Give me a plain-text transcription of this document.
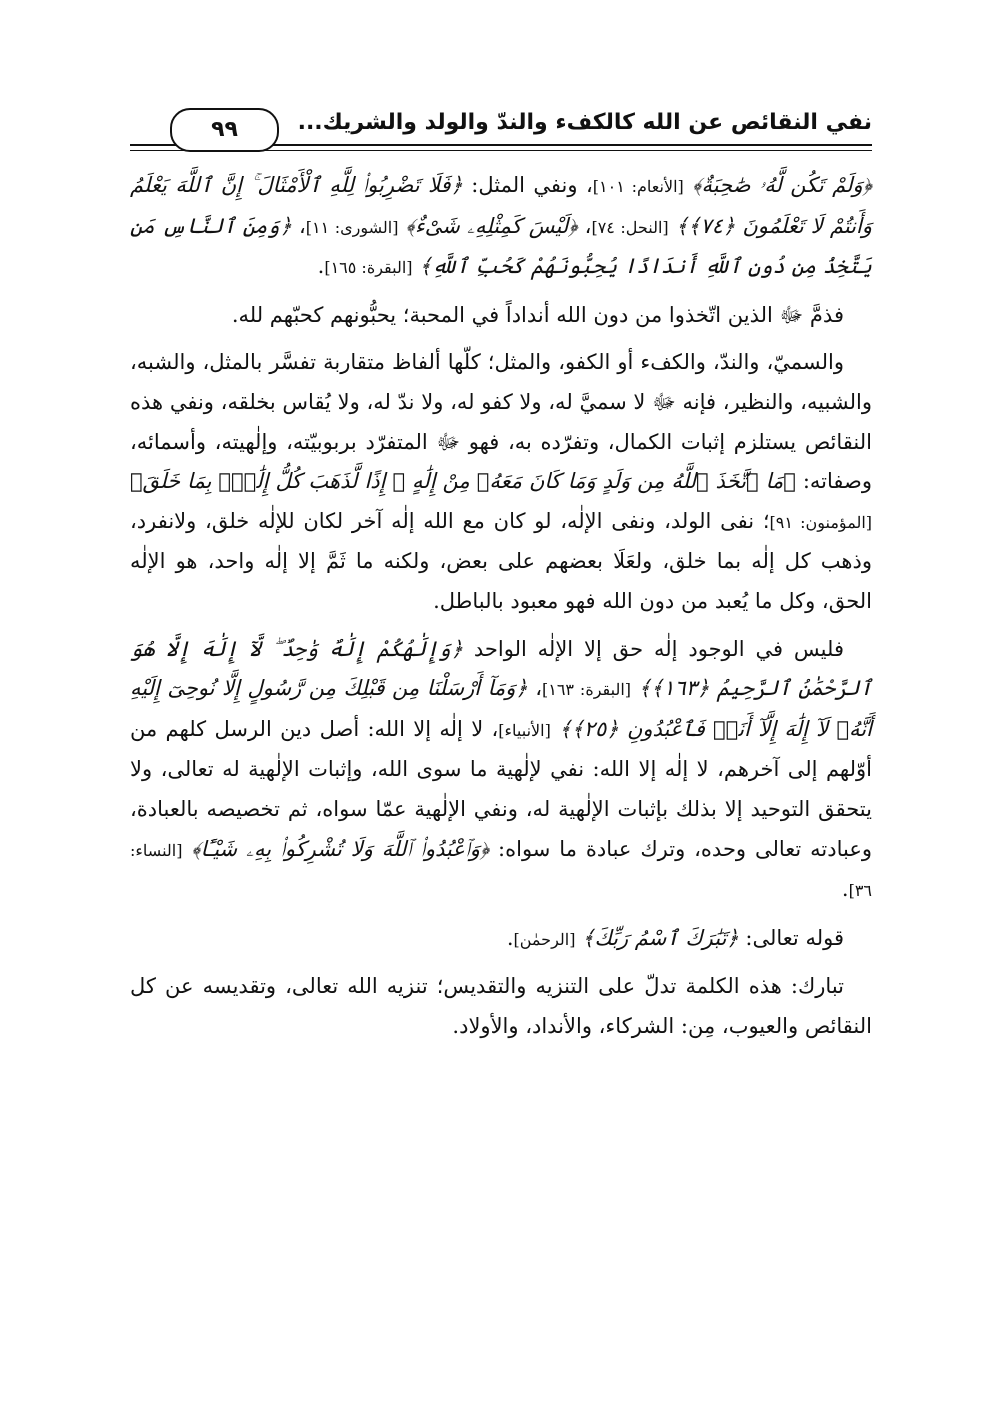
نفي النقائص عن الله كالكفء والندّ والولد والشريك...
٩٩

﴿وَلَمْ تَكُن لَّهُۥ صَٰحِبَةٌ﴾ [الأنعام: ١٠١]، ونفي المثل: ﴿فَلَا تَضْرِبُوا۟ لِلَّهِ ٱلْأَمْثَالَ ۚ إِنَّ ٱللَّهَ يَعْلَمُ وَأَنتُمْ لَا تَعْلَمُونَ ﴿٧٤﴾﴾ [النحل: ٧٤]، ﴿لَيْسَ كَمِثْلِهِۦ شَىْءٌ﴾ [الشورى: ١١]، ﴿وَمِنَ ٱلنَّاسِ مَن يَتَّخِذُ مِن دُونِ ٱللَّهِ أَندَادًا يُحِبُّونَهُمْ كَحُبِّ ٱللَّهِ﴾ [البقرة: ١٦٥].

فذمَّ ﷻ الذين اتّخذوا من دون الله أنداداً في المحبة؛ يحبُّونهم كحبّهم لله.

والسميّ، والندّ، والكفء أو الكفو، والمثل؛ كلّها ألفاظ متقاربة تفسَّر بالمثل، والشبه، والشبيه، والنظير، فإنه ﷻ لا سميَّ له، ولا كفو له، ولا ندّ له، ولا يُقاس بخلقه، ونفي هذه النقائص يستلزم إثبات الكمال، وتفرّده به، فهو ﷻ المتفرّد بربوبيّته، وإلٰهيته، وأسمائه، وصفاته: ﴿مَا ٱتَّخَذَ ٱللَّهُ مِن وَلَدٍ وَمَا كَانَ مَعَهُۥ مِنْ إِلَٰهٍ ۚ إِذًا لَّذَهَبَ كُلُّ إِلَٰهٍۭ بِمَا خَلَقَ﴾ [المؤمنون: ٩١]؛ نفى الولد، ونفى الإلٰه، لو كان مع الله إلٰه آخر لكان للإلٰه خلق، ولانفرد، وذهب كل إلٰه بما خلق، ولعَلَا بعضهم على بعض، ولكنه ما ثَمَّ إلا إلٰه واحد، هو الإلٰه الحق، وكل ما يُعبد من دون الله فهو معبود بالباطل.

فليس في الوجود إلٰه حق إلا الإلٰه الواحد ﴿وَإِلَٰهُكُمْ إِلَٰهٌ وَٰحِدٌ ۖ لَّآ إِلَٰهَ إِلَّا هُوَ ٱلرَّحْمَٰنُ ٱلرَّحِيمُ ﴿١٦٣﴾﴾ [البقرة: ١٦٣]، ﴿وَمَآ أَرْسَلْنَا مِن قَبْلِكَ مِن رَّسُولٍ إِلَّا نُوحِىٓ إِلَيْهِ أَنَّهُۥ لَآ إِلَٰهَ إِلَّآ أَنَا۠ فَٱعْبُدُونِ ﴿٢٥﴾﴾ [الأنبياء]، لا إلٰه إلا الله: أصل دين الرسل كلهم من أوّلهم إلى آخرهم، لا إلٰه إلا الله: نفي لإلٰهية ما سوى الله، وإثبات الإلٰهية له تعالى، ولا يتحقق التوحيد إلا بذلك بإثبات الإلٰهية له، ونفي الإلٰهية عمّا سواه، ثم تخصيصه بالعبادة، وعبادته تعالى وحده، وترك عبادة ما سواه: ﴿وَٱعْبُدُوا۟ ٱللَّهَ وَلَا تُشْرِكُوا۟ بِهِۦ شَيْـًٔا﴾ [النساء: ٣٦].

قوله تعالى: ﴿تَبَٰرَكَ ٱسْمُ رَبِّكَ﴾ [الرحمٰن].

تبارك: هذه الكلمة تدلّ على التنزيه والتقديس؛ تنزيه الله تعالى، وتقديسه عن كل النقائص والعيوب، مِن: الشركاء، والأنداد، والأولاد.
